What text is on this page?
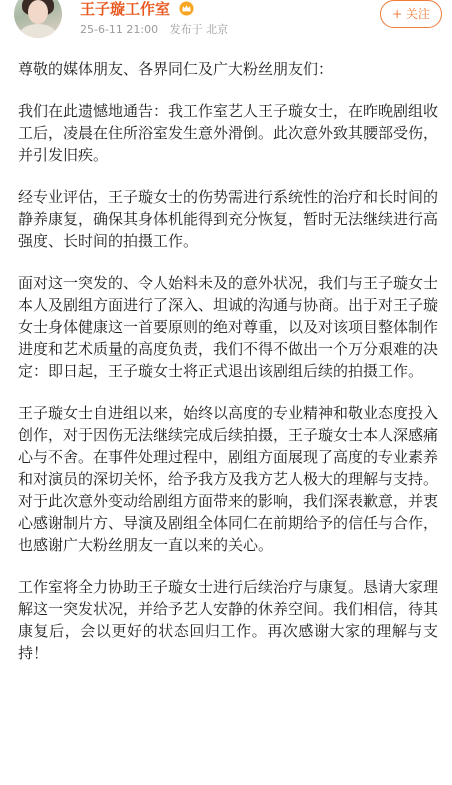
王子璇工作室
25-6-11 21:00 发布于 北京
+ 关注

尊敬的媒体朋友、各界同仁及广大粉丝朋友们：

我们在此遗憾地通告：我工作室艺人王子璇女士，在昨晚剧组收工后，凌晨在住所浴室发生意外滑倒。此次意外致其腰部受伤，并引发旧疾。

经专业评估，王子璇女士的伤势需进行系统性的治疗和长时间的静养康复，确保其身体机能得到充分恢复，暂时无法继续进行高强度、长时间的拍摄工作。

面对这一突发的、令人始料未及的意外状况，我们与王子璇女士本人及剧组方面进行了深入、坦诚的沟通与协商。出于对王子璇女士身体健康这一首要原则的绝对尊重，以及对该项目整体制作进度和艺术质量的高度负责，我们不得不做出一个万分艰难的决定：即日起，王子璇女士将正式退出该剧组后续的拍摄工作。

王子璇女士自进组以来，始终以高度的专业精神和敬业态度投入创作，对于因伤无法继续完成后续拍摄，王子璇女士本人深感痛心与不舍。在事件处理过程中，剧组方面展现了高度的专业素养和对演员的深切关怀，给予我方及我方艺人极大的理解与支持。对于此次意外变动给剧组方面带来的影响，我们深表歉意，并衷心感谢制片方、导演及剧组全体同仁在前期给予的信任与合作，也感谢广大粉丝朋友一直以来的关心。

工作室将全力协助王子璇女士进行后续治疗与康复。恳请大家理解这一突发状况，并给予艺人安静的休养空间。我们相信，待其康复后，会以更好的状态回归工作。再次感谢大家的理解与支持！
